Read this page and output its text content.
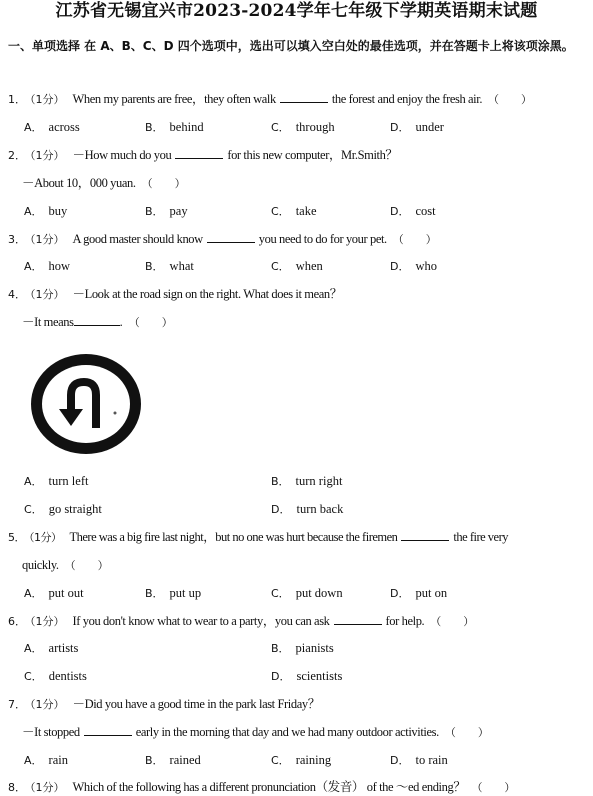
江苏省无锡宜兴市2023-2024学年七年级下学期英语期末试题
一、单项选择 在 A、B、C、D 四个选项中，选出可以填入空白处的最佳选项，并在答题卡上将该项涂黑。
1． （1分） When my parents are free，they often walk	the forest and enjoy the fresh air. （　　）
A． across	B． behind	C． through	D． under
2． （1分） －How much do you	for this new computer，Mr.Smith？
－About 10，000 yuan. （　　）
A． buy	B． pay	C． take	D． cost
3． （1分） A good master should know	you need to do for your pet. （　　）
A． how	B． what	C． when	D． who
4． （1分） －Look at the road sign on the right. What does it mean？
－It means	. （　　）
A． turn left	B． turn right
C． go straight	D． turn back
5． （1分） There was a big fire last night，but no one was hurt because the firemen	the fire very
quickly. （　　）
A． put out	B． put up	C． put down	D． put on
6． （1分） If you don't know what to wear to a party，you can ask	for help. （　　）
A． artists	B． pianists
C． dentists	D． scientists
7． （1分） －Did you have a good time in the park last Friday？
－It stopped	early in the morning that day and we had many outdoor activities. （　　）
A． rain	B． rained	C． raining	D． to rain
8． （1分） Which of the following has a different pronunciation（发音） of the ～ed ending？ （　　）
